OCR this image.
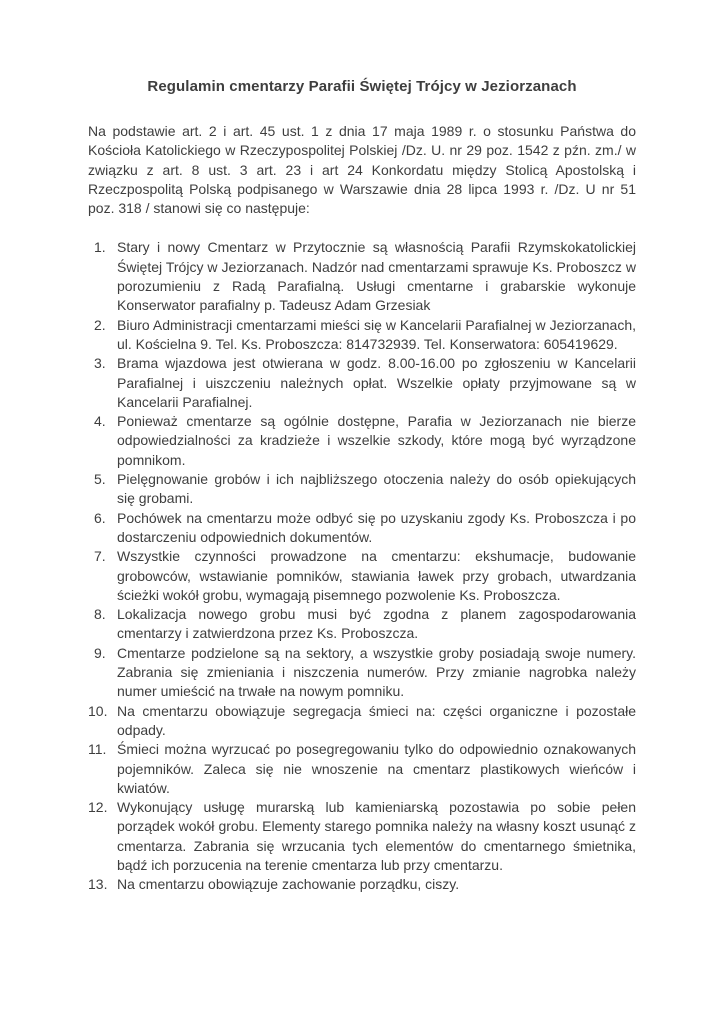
Regulamin cmentarzy Parafii Świętej Trójcy w Jeziorzanach

Na podstawie art. 2 i art. 45 ust. 1 z dnia 17 maja 1989 r. o stosunku Państwa do Kościoła Katolickiego w Rzeczypospolitej Polskiej /Dz. U. nr 29 poz. 1542 z pźn. zm./ w związku z art. 8 ust. 3 art. 23 i art 24 Konkordatu między Stolicą Apostolską i Rzeczpospolitą Polską podpisanego w Warszawie dnia 28 lipca 1993 r. /Dz. U nr 51 poz. 318 / stanowi się co następuje:

1. Stary i nowy Cmentarz w Przytocznie są własnością Parafii Rzymskokatolickiej Świętej Trójcy w Jeziorzanach. Nadzór nad cmentarzami sprawuje Ks. Proboszcz w porozumieniu z Radą Parafialną. Usługi cmentarne i grabarskie wykonuje Konserwator parafialny p. Tadeusz Adam Grzesiak
2. Biuro Administracji cmentarzami mieści się w Kancelarii Parafialnej w Jeziorzanach, ul. Kościelna 9. Tel. Ks. Proboszcza: 814732939. Tel. Konserwatora: 605419629.
3. Brama wjazdowa jest otwierana w godz. 8.00-16.00 po zgłoszeniu w Kancelarii Parafialnej i uiszczeniu należnych opłat. Wszelkie opłaty przyjmowane są w Kancelarii Parafialnej.
4. Ponieważ cmentarze są ogólnie dostępne, Parafia w Jeziorzanach nie bierze odpowiedzialności za kradzieże i wszelkie szkody, które mogą być wyrządzone pomnikom.
5. Pielęgnowanie grobów i ich najbliższego otoczenia należy do osób opiekujących się grobami.
6. Pochówek na cmentarzu może odbyć się po uzyskaniu zgody Ks. Proboszcza i po dostarczeniu odpowiednich dokumentów.
7. Wszystkie czynności prowadzone na cmentarzu: ekshumacje, budowanie grobowców, wstawianie pomników, stawiania ławek przy grobach, utwardzania ścieżki wokół grobu, wymagają pisemnego pozwolenie Ks. Proboszcza.
8. Lokalizacja nowego grobu musi być zgodna z planem zagospodarowania cmentarzy i zatwierdzona przez Ks. Proboszcza.
9. Cmentarze podzielone są na sektory, a wszystkie groby posiadają swoje numery. Zabrania się zmieniania i niszczenia numerów. Przy zmianie nagrobka należy numer umieścić na trwałe na nowym pomniku.
10. Na cmentarzu obowiązuje segregacja śmieci na: części organiczne i pozostałe odpady.
11. Śmieci można wyrzucać po posegregowaniu tylko do odpowiednio oznakowanych pojemników. Zaleca się nie wnoszenie na cmentarz plastikowych wieńców i kwiatów.
12. Wykonujący usługę murarską lub kamieniarską pozostawia po sobie pełen porządek wokół grobu. Elementy starego pomnika należy na własny koszt usunąć z cmentarza. Zabrania się wrzucania tych elementów do cmentarnego śmietnika, bądź ich porzucenia na terenie cmentarza lub przy cmentarzu.
13. Na cmentarzu obowiązuje zachowanie porządku, ciszy.
